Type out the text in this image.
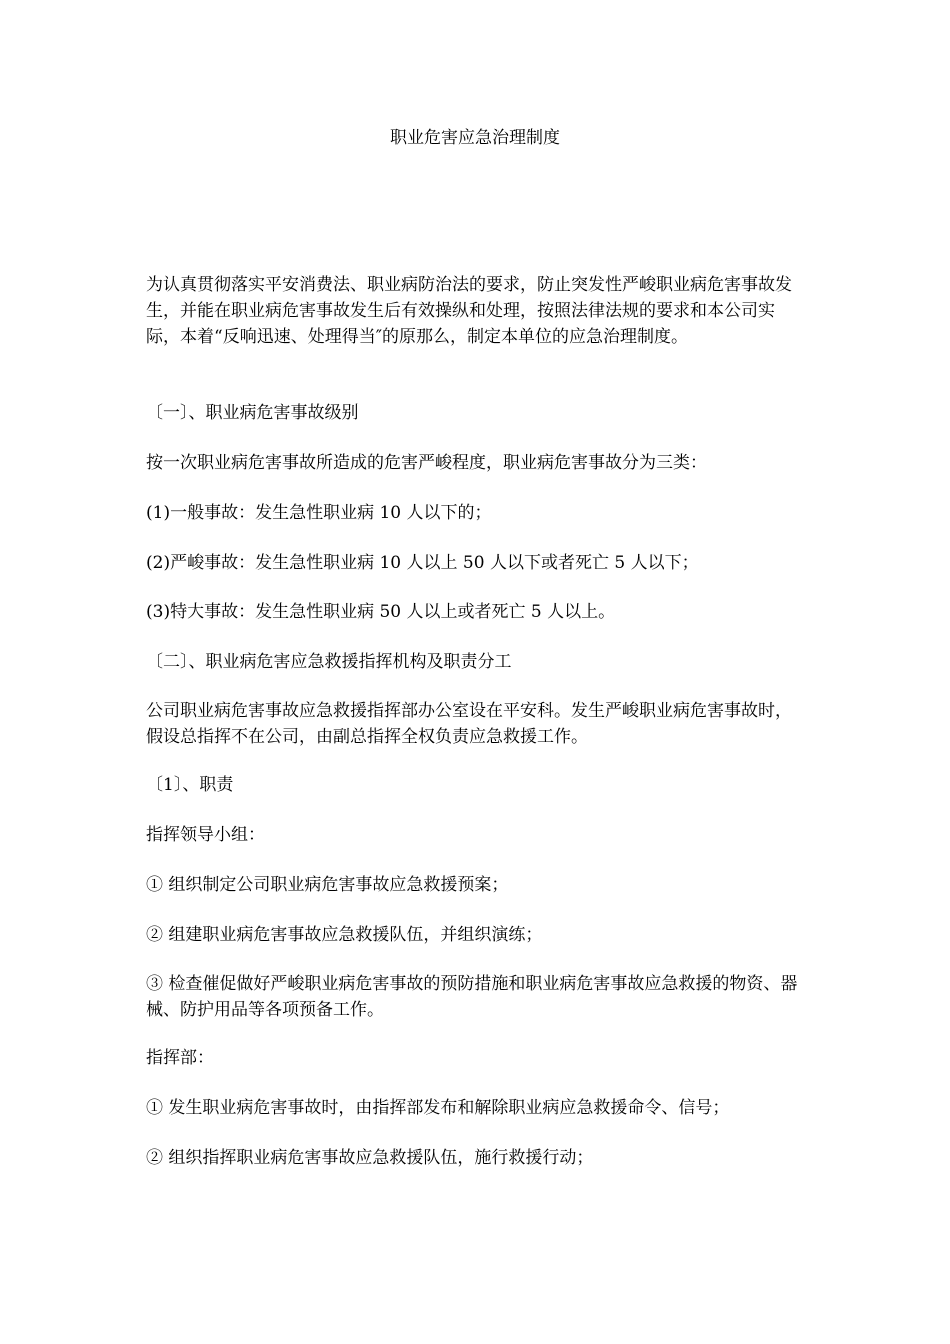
职业危害应急治理制度

为认真贯彻落实平安消费法、职业病防治法的要求，防止突发性严峻职业病危害事故发生，并能在职业病危害事故发生后有效操纵和处理，按照法律法规的要求和本公司实际，本着“反响迅速、处理得当″的原那么，制定本单位的应急治理制度。

〔一〕、职业病危害事故级别

按一次职业病危害事故所造成的危害严峻程度，职业病危害事故分为三类：

(1)一般事故：发生急性职业病 10 人以下的；

(2)严峻事故：发生急性职业病 10 人以上 50 人以下或者死亡 5 人以下；

(3)特大事故：发生急性职业病 50 人以上或者死亡 5 人以上。

〔二〕、职业病危害应急救援指挥机构及职责分工

公司职业病危害事故应急救援指挥部办公室设在平安科。发生严峻职业病危害事故时，假设总指挥不在公司，由副总指挥全权负责应急救援工作。

〔1〕、职责

指挥领导小组：

① 组织制定公司职业病危害事故应急救援预案；

② 组建职业病危害事故应急救援队伍，并组织演练；

③ 检查催促做好严峻职业病危害事故的预防措施和职业病危害事故应急救援的物资、器械、防护用品等各项预备工作。

指挥部：

① 发生职业病危害事故时，由指挥部发布和解除职业病应急救援命令、信号；

② 组织指挥职业病危害事故应急救援队伍，施行救援行动；
